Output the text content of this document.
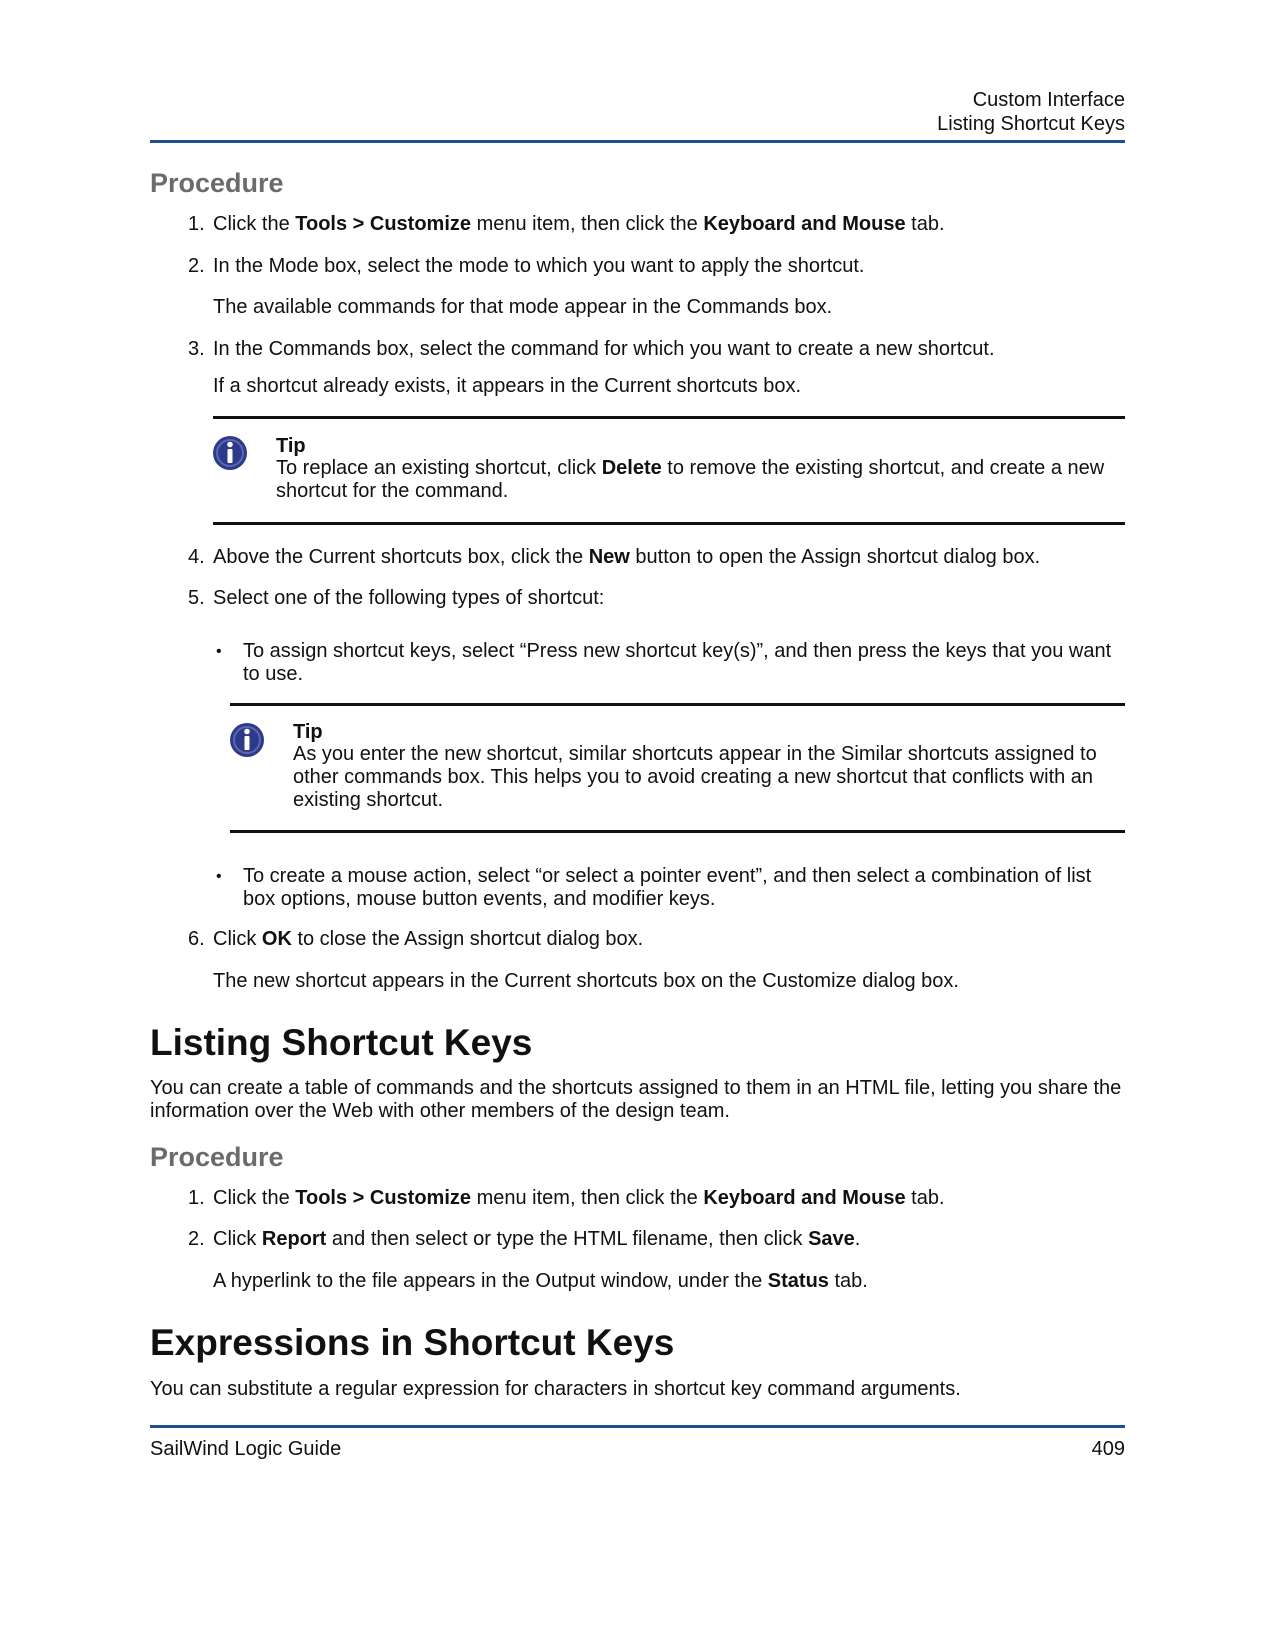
Custom Interface
Listing Shortcut Keys
Procedure
1. Click the Tools > Customize menu item, then click the Keyboard and Mouse tab.
2. In the Mode box, select the mode to which you want to apply the shortcut.
The available commands for that mode appear in the Commands box.
3. In the Commands box, select the command for which you want to create a new shortcut.
If a shortcut already exists, it appears in the Current shortcuts box.
Tip
To replace an existing shortcut, click Delete to remove the existing shortcut, and create a new shortcut for the command.
4. Above the Current shortcuts box, click the New button to open the Assign shortcut dialog box.
5. Select one of the following types of shortcut:
• To assign shortcut keys, select “Press new shortcut key(s)”, and then press the keys that you want to use.
Tip
As you enter the new shortcut, similar shortcuts appear in the Similar shortcuts assigned to other commands box. This helps you to avoid creating a new shortcut that conflicts with an existing shortcut.
• To create a mouse action, select “or select a pointer event”, and then select a combination of list box options, mouse button events, and modifier keys.
6. Click OK to close the Assign shortcut dialog box.
The new shortcut appears in the Current shortcuts box on the Customize dialog box.
Listing Shortcut Keys
You can create a table of commands and the shortcuts assigned to them in an HTML file, letting you share the information over the Web with other members of the design team.
Procedure
1. Click the Tools > Customize menu item, then click the Keyboard and Mouse tab.
2. Click Report and then select or type the HTML filename, then click Save.
A hyperlink to the file appears in the Output window, under the Status tab.
Expressions in Shortcut Keys
You can substitute a regular expression for characters in shortcut key command arguments.
SailWind Logic Guide	409
